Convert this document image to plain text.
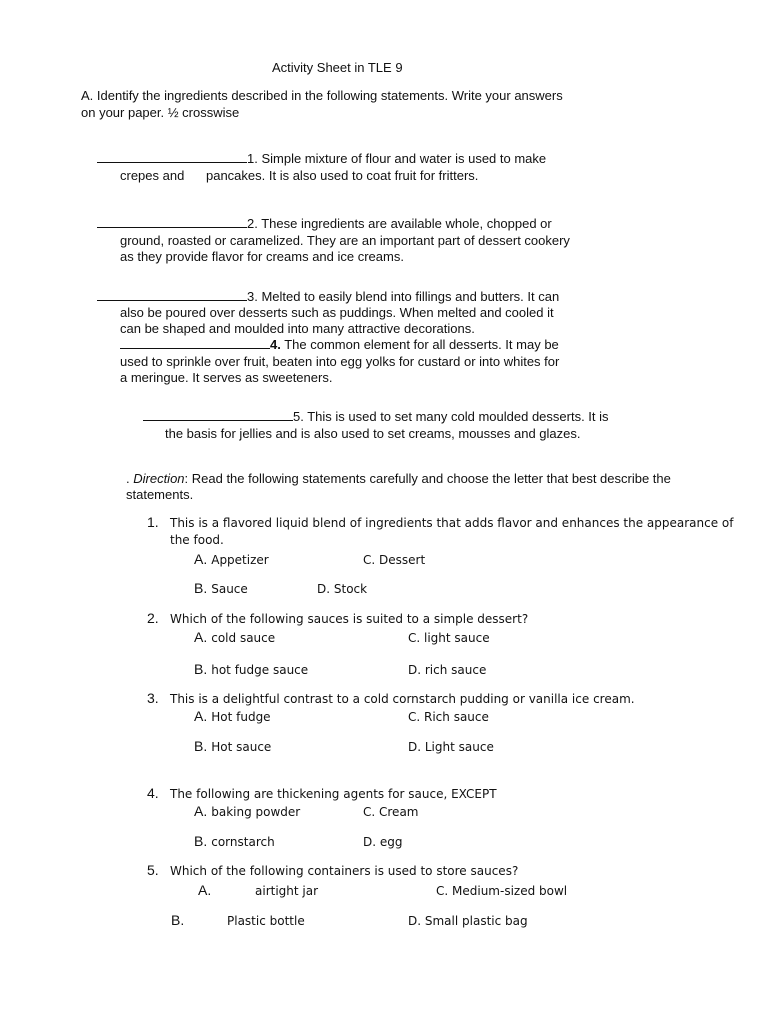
Activity Sheet in TLE 9
A. Identify the ingredients described in the following statements. Write your answers
on your paper. ½ crosswise
1. Simple mixture of flour and water is used to make
crepes and      pancakes. It is also used to coat fruit for fritters.
2. These ingredients are available whole, chopped or
ground, roasted or caramelized. They are an important part of dessert cookery
as they provide flavor for creams and ice creams.
3. Melted to easily blend into fillings and butters. It can
also be poured over desserts such as puddings. When melted and cooled it
can be shaped and moulded into many attractive decorations.
4. The common element for all desserts. It may be
used to sprinkle over fruit, beaten into egg yolks for custard or into whites for
a meringue. It serves as sweeteners.
5. This is used to set many cold moulded desserts. It is
the basis for jellies and is also used to set creams, mousses and glazes.
. Direction: Read the following statements carefully and choose the letter that best describe the
statements.
1. This is a flavored liquid blend of ingredients that adds flavor and enhances the appearance of
the food.
A. Appetizer	C. Dessert
B. Sauce	D. Stock
2. Which of the following sauces is suited to a simple dessert?
A. cold sauce	C. light sauce
B. hot fudge sauce	D. rich sauce
3. This is a delightful contrast to a cold cornstarch pudding or vanilla ice cream.
A. Hot fudge	C. Rich sauce
B. Hot sauce	D. Light sauce
4. The following are thickening agents for sauce, EXCEPT
A. baking powder	C. Cream
B. cornstarch	D. egg
5. Which of the following containers is used to store sauces?
A.	airtight jar	C. Medium-sized bowl
B.	Plastic bottle	D. Small plastic bag
